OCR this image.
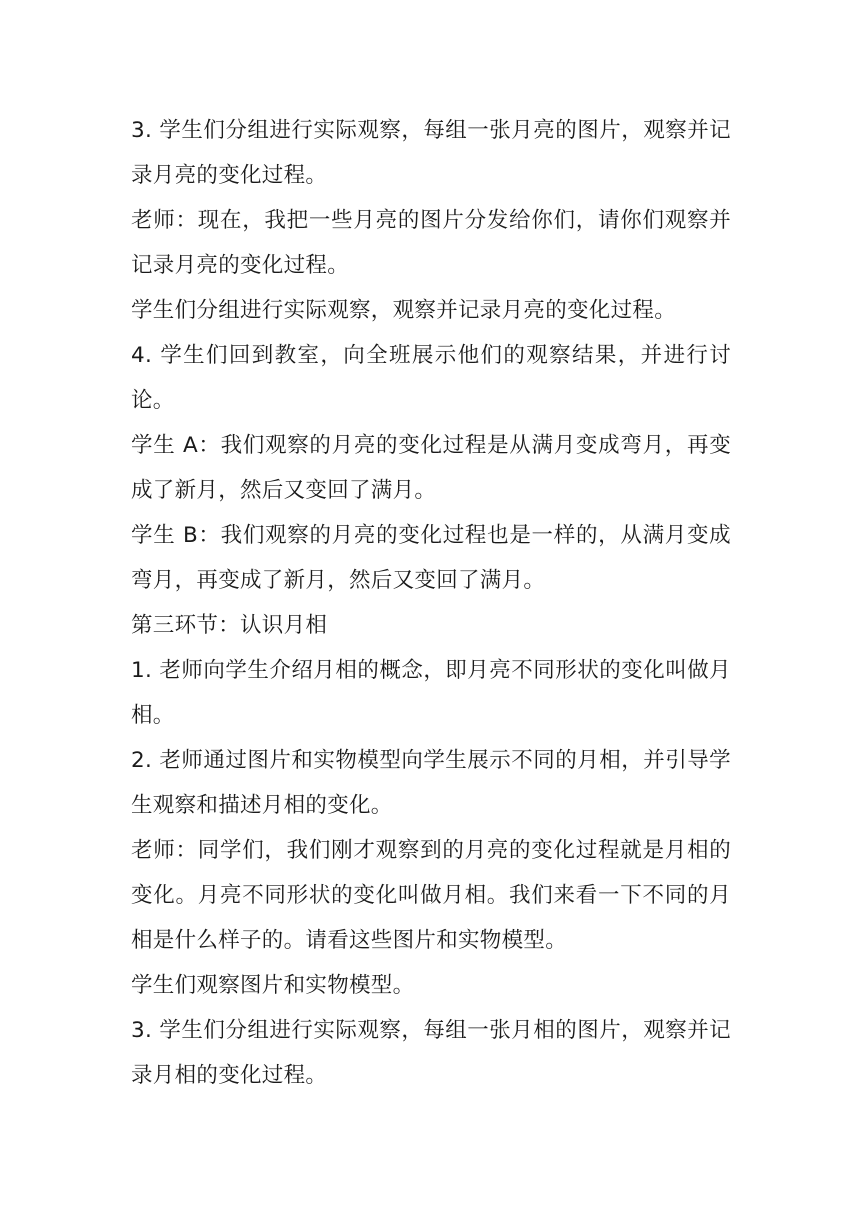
3. 学生们分组进行实际观察，每组一张月亮的图片，观察并记录月亮的变化过程。

老师：现在，我把一些月亮的图片分发给你们，请你们观察并记录月亮的变化过程。

学生们分组进行实际观察，观察并记录月亮的变化过程。

4. 学生们回到教室，向全班展示他们的观察结果，并进行讨论。

学生 A：我们观察的月亮的变化过程是从满月变成弯月，再变成了新月，然后又变回了满月。

学生 B：我们观察的月亮的变化过程也是一样的，从满月变成弯月，再变成了新月，然后又变回了满月。

第三环节：认识月相

1. 老师向学生介绍月相的概念，即月亮不同形状的变化叫做月相。

2. 老师通过图片和实物模型向学生展示不同的月相，并引导学生观察和描述月相的变化。

老师：同学们，我们刚才观察到的月亮的变化过程就是月相的变化。月亮不同形状的变化叫做月相。我们来看一下不同的月相是什么样子的。请看这些图片和实物模型。

学生们观察图片和实物模型。

3. 学生们分组进行实际观察，每组一张月相的图片，观察并记录月相的变化过程。
